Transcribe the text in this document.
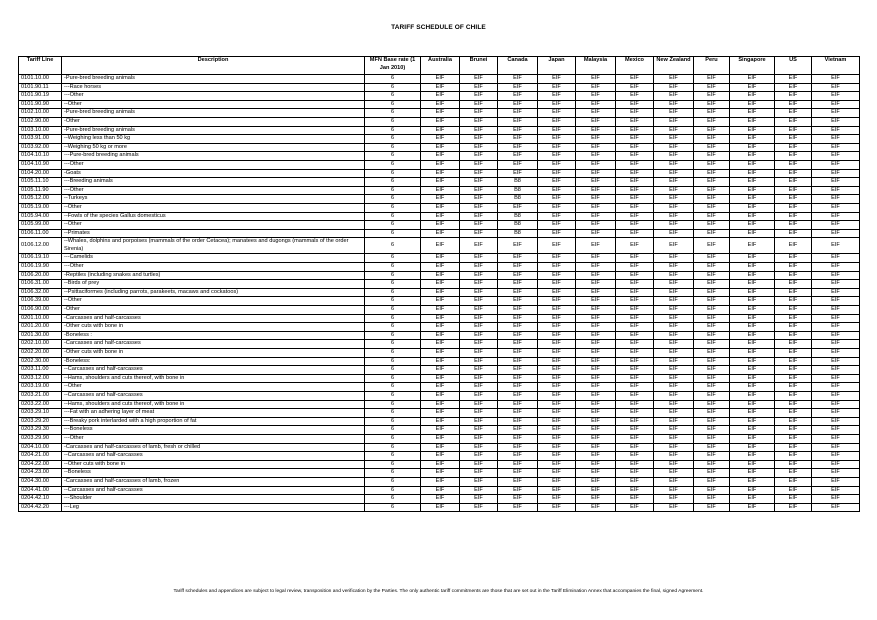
TARIFF SCHEDULE OF CHILE
Tariff Line	Description	MFN Base rate (1 Jan 2010)	Australia	Brunei	Canada	Japan	Malaysia	Mexico	New Zealand	Peru	Singapore	US	Vietnam
0101.10.00	-Pure-bred breeding animals	6	EIF	EIF	EIF	EIF	EIF	EIF	EIF	EIF	EIF	EIF	EIF
0101.90.11	---Race horses	6	EIF	EIF	EIF	EIF	EIF	EIF	EIF	EIF	EIF	EIF	EIF
0101.90.19	---Other	6	EIF	EIF	EIF	EIF	EIF	EIF	EIF	EIF	EIF	EIF	EIF
0101.90.90	--Other	6	EIF	EIF	EIF	EIF	EIF	EIF	EIF	EIF	EIF	EIF	EIF
0102.10.00	-Pure-bred breeding animals	6	EIF	EIF	EIF	EIF	EIF	EIF	EIF	EIF	EIF	EIF	EIF
0102.90.00	-Other	6	EIF	EIF	EIF	EIF	EIF	EIF	EIF	EIF	EIF	EIF	EIF
0103.10.00	-Pure-bred breeding animals	6	EIF	EIF	EIF	EIF	EIF	EIF	EIF	EIF	EIF	EIF	EIF
0103.91.00	--Weighing less than 50 kg	6	EIF	EIF	EIF	EIF	EIF	EIF	EIF	EIF	EIF	EIF	EIF
0103.92.00	--Weighing 50 kg or more	6	EIF	EIF	EIF	EIF	EIF	EIF	EIF	EIF	EIF	EIF	EIF
0104.10.10	---Pure-bred breeding animals	6	EIF	EIF	EIF	EIF	EIF	EIF	EIF	EIF	EIF	EIF	EIF
0104.10.90	---Other	6	EIF	EIF	EIF	EIF	EIF	EIF	EIF	EIF	EIF	EIF	EIF
0104.20.00	-Goats	6	EIF	EIF	EIF	EIF	EIF	EIF	EIF	EIF	EIF	EIF	EIF
0105.11.10	---Breeding animals	6	EIF	EIF	B8	EIF	EIF	EIF	EIF	EIF	EIF	EIF	EIF
0105.11.90	---Other	6	EIF	EIF	B8	EIF	EIF	EIF	EIF	EIF	EIF	EIF	EIF
0105.12.00	--Turkeys	6	EIF	EIF	B8	EIF	EIF	EIF	EIF	EIF	EIF	EIF	EIF
0105.19.00	--Other	6	EIF	EIF	EIF	EIF	EIF	EIF	EIF	EIF	EIF	EIF	EIF
0105.94.00	--Fowls of the species Gallus domesticus	6	EIF	EIF	B8	EIF	EIF	EIF	EIF	EIF	EIF	EIF	EIF
0105.99.00	--Other	6	EIF	EIF	B8	EIF	EIF	EIF	EIF	EIF	EIF	EIF	EIF
0106.11.00	--Primates	6	EIF	EIF	B8	EIF	EIF	EIF	EIF	EIF	EIF	EIF	EIF
0106.12.00	--Whales, dolphins and porpoises (mammals of the order Cetacea); manatees and dugongs (mammals of the order Sirenia)	6	EIF	EIF	EIF	EIF	EIF	EIF	EIF	EIF	EIF	EIF	EIF
0106.19.10	---Camelids	6	EIF	EIF	EIF	EIF	EIF	EIF	EIF	EIF	EIF	EIF	EIF
0106.19.90	---Other	6	EIF	EIF	EIF	EIF	EIF	EIF	EIF	EIF	EIF	EIF	EIF
0106.20.00	-Reptiles (including snakes and turtles)	6	EIF	EIF	EIF	EIF	EIF	EIF	EIF	EIF	EIF	EIF	EIF
0106.31.00	--Birds of prey	6	EIF	EIF	EIF	EIF	EIF	EIF	EIF	EIF	EIF	EIF	EIF
0106.32.00	--Psittaciformes (including parrots, parakeets, macaws and cockatoos)	6	EIF	EIF	EIF	EIF	EIF	EIF	EIF	EIF	EIF	EIF	EIF
0106.39.00	--Other	6	EIF	EIF	EIF	EIF	EIF	EIF	EIF	EIF	EIF	EIF	EIF
0106.90.00	-Other	6	EIF	EIF	EIF	EIF	EIF	EIF	EIF	EIF	EIF	EIF	EIF
0201.10.00	-Carcasses and half-carcasses	6	EIF	EIF	EIF	EIF	EIF	EIF	EIF	EIF	EIF	EIF	EIF
0201.20.00	-Other cuts with bone in	6	EIF	EIF	EIF	EIF	EIF	EIF	EIF	EIF	EIF	EIF	EIF
0201.30.00	-Boneless :	6	EIF	EIF	EIF	EIF	EIF	EIF	EIF	EIF	EIF	EIF	EIF
0202.10.00	-Carcasses and half-carcasses	6	EIF	EIF	EIF	EIF	EIF	EIF	EIF	EIF	EIF	EIF	EIF
0202.20.00	-Other cuts with bone in	6	EIF	EIF	EIF	EIF	EIF	EIF	EIF	EIF	EIF	EIF	EIF
0202.30.00	-Boneless:	6	EIF	EIF	EIF	EIF	EIF	EIF	EIF	EIF	EIF	EIF	EIF
0203.11.00	--Carcasses and half-carcasses	6	EIF	EIF	EIF	EIF	EIF	EIF	EIF	EIF	EIF	EIF	EIF
0203.12.00	--Hams, shoulders and cuts thereof, with bone in	6	EIF	EIF	EIF	EIF	EIF	EIF	EIF	EIF	EIF	EIF	EIF
0203.19.00	--Other	6	EIF	EIF	EIF	EIF	EIF	EIF	EIF	EIF	EIF	EIF	EIF
0203.21.00	--Carcasses and half-carcasses	6	EIF	EIF	EIF	EIF	EIF	EIF	EIF	EIF	EIF	EIF	EIF
0203.22.00	--Hams, shoulders and cuts thereof, with bone in	6	EIF	EIF	EIF	EIF	EIF	EIF	EIF	EIF	EIF	EIF	EIF
0203.29.10	---Fat with an adhering layer of meat	6	EIF	EIF	EIF	EIF	EIF	EIF	EIF	EIF	EIF	EIF	EIF
0203.29.20	---Breaky pork interlarded with a high proportion of fat	6	EIF	EIF	EIF	EIF	EIF	EIF	EIF	EIF	EIF	EIF	EIF
0203.29.30	---Boneless	6	EIF	EIF	EIF	EIF	EIF	EIF	EIF	EIF	EIF	EIF	EIF
0203.29.90	---Other	6	EIF	EIF	EIF	EIF	EIF	EIF	EIF	EIF	EIF	EIF	EIF
0204.10.00	-Carcasses and half-carcasses of lamb, fresh or chilled	6	EIF	EIF	EIF	EIF	EIF	EIF	EIF	EIF	EIF	EIF	EIF
0204.21.00	--Carcasses and half-carcasses	6	EIF	EIF	EIF	EIF	EIF	EIF	EIF	EIF	EIF	EIF	EIF
0204.22.00	--Other cuts with bone in	6	EIF	EIF	EIF	EIF	EIF	EIF	EIF	EIF	EIF	EIF	EIF
0204.23.00	--Boneless	6	EIF	EIF	EIF	EIF	EIF	EIF	EIF	EIF	EIF	EIF	EIF
0204.30.00	-Carcasses and half-carcasses of lamb, frozen	6	EIF	EIF	EIF	EIF	EIF	EIF	EIF	EIF	EIF	EIF	EIF
0204.41.00	--Carcasses and half-carcasses	6	EIF	EIF	EIF	EIF	EIF	EIF	EIF	EIF	EIF	EIF	EIF
0204.42.10	---Shoulder	6	EIF	EIF	EIF	EIF	EIF	EIF	EIF	EIF	EIF	EIF	EIF
0204.42.20	---Leg	6	EIF	EIF	EIF	EIF	EIF	EIF	EIF	EIF	EIF	EIF	EIF
Tariff schedules and appendices are subject to legal review, transposition and verification by the Parties. The only authentic tariff commitments are those that are set out in the Tariff Elimination Annex that accompanies the final, signed Agreement.
